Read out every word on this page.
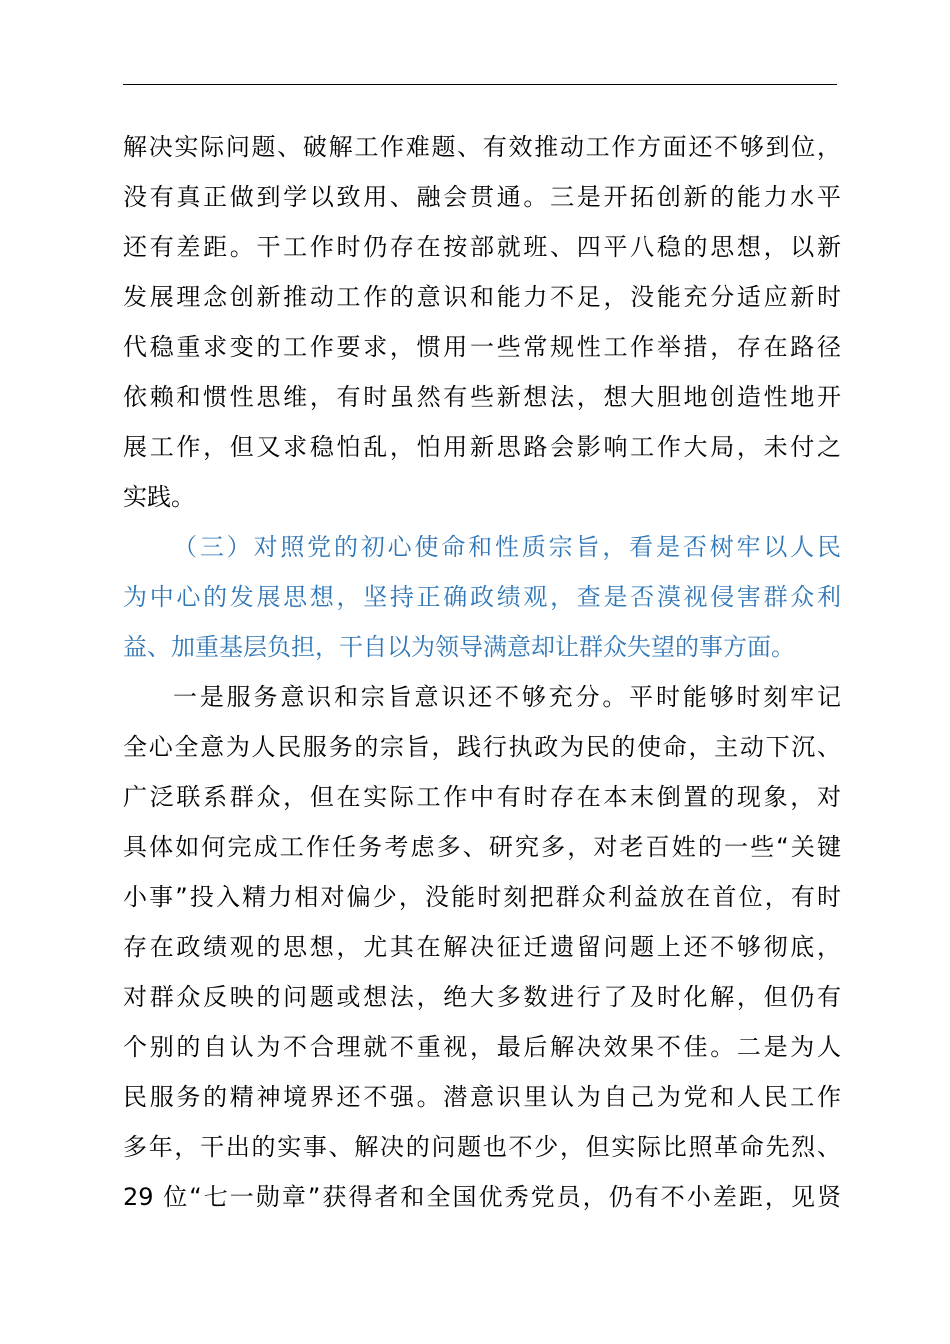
解决实际问题、破解工作难题、有效推动工作方面还不够到位，
没有真正做到学以致用、融会贯通。三是开拓创新的能力水平
还有差距。干工作时仍存在按部就班、四平八稳的思想，以新
发展理念创新推动工作的意识和能力不足，没能充分适应新时
代稳重求变的工作要求，惯用一些常规性工作举措，存在路径
依赖和惯性思维，有时虽然有些新想法，想大胆地创造性地开
展工作，但又求稳怕乱，怕用新思路会影响工作大局，未付之
实践。
（三）对照党的初心使命和性质宗旨，看是否树牢以人民
为中心的发展思想，坚持正确政绩观，查是否漠视侵害群众利
益、加重基层负担，干自以为领导满意却让群众失望的事方面。
一是服务意识和宗旨意识还不够充分。平时能够时刻牢记
全心全意为人民服务的宗旨，践行执政为民的使命，主动下沉、
广泛联系群众，但在实际工作中有时存在本末倒置的现象，对
具体如何完成工作任务考虑多、研究多，对老百姓的一些“关键
小事”投入精力相对偏少，没能时刻把群众利益放在首位，有时
存在政绩观的思想，尤其在解决征迁遗留问题上还不够彻底，
对群众反映的问题或想法，绝大多数进行了及时化解，但仍有
个别的自认为不合理就不重视，最后解决效果不佳。二是为人
民服务的精神境界还不强。潜意识里认为自己为党和人民工作
多年，干出的实事、解决的问题也不少，但实际比照革命先烈、
29 位“七一勋章”获得者和全国优秀党员，仍有不小差距，见贤
